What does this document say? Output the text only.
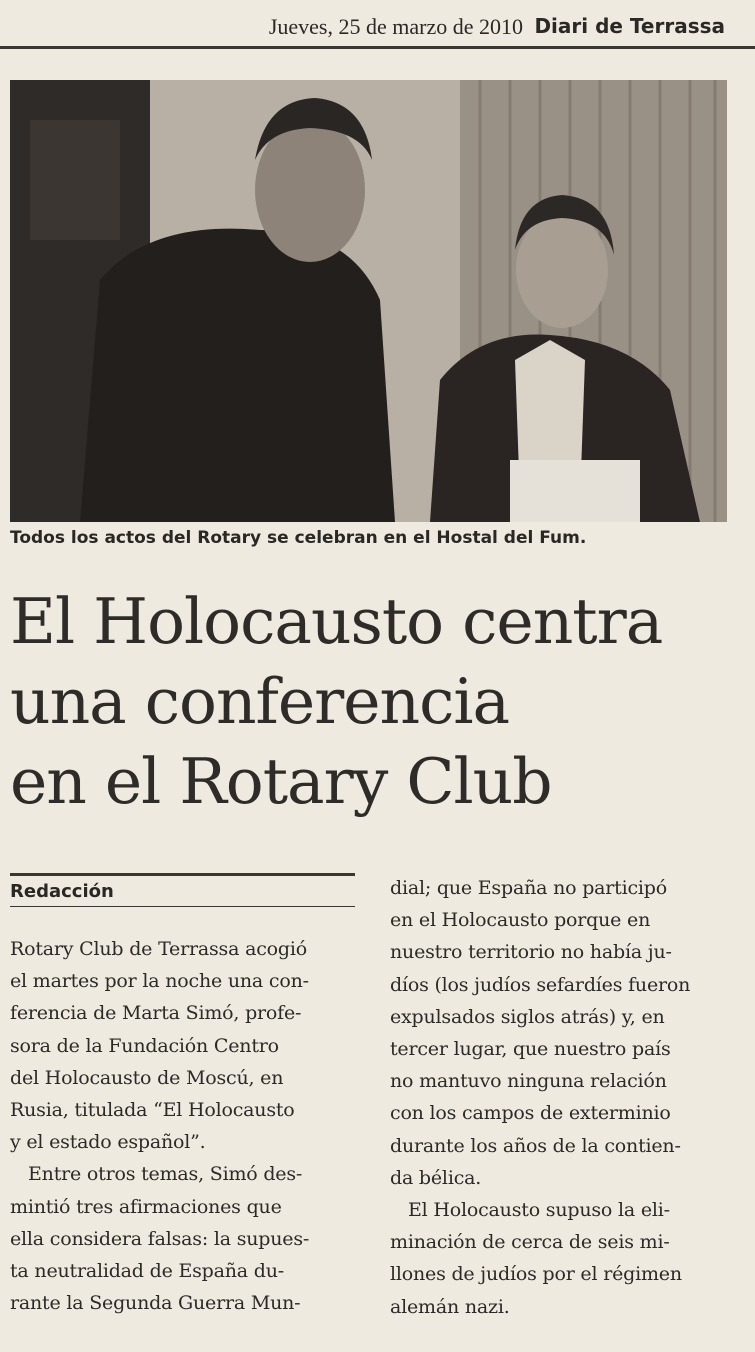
Jueves, 25 de marzo de 2010 Diari de Terrassa
Todos los actos del Rotary se celebran en el Hostal del Fum.
El Holocausto centra
una conferencia
en el Rotary Club
Redacción
Rotary Club de Terrassa acogió
el martes por la noche una con-
ferencia de Marta Simó, profe-
sora de la Fundación Centro
del Holocausto de Moscú, en
Rusia, titulada “El Holocausto
y el estado español”.
Entre otros temas, Simó des-
mintió tres afirmaciones que
ella considera falsas: la supues-
ta neutralidad de España du-
rante la Segunda Guerra Mun-
dial; que España no participó
en el Holocausto porque en
nuestro territorio no había ju-
díos (los judíos sefardíes fueron
expulsados siglos atrás) y, en
tercer lugar, que nuestro país
no mantuvo ninguna relación
con los campos de exterminio
durante los años de la contien-
da bélica.
El Holocausto supuso la eli-
minación de cerca de seis mi-
llones de judíos por el régimen
alemán nazi.
